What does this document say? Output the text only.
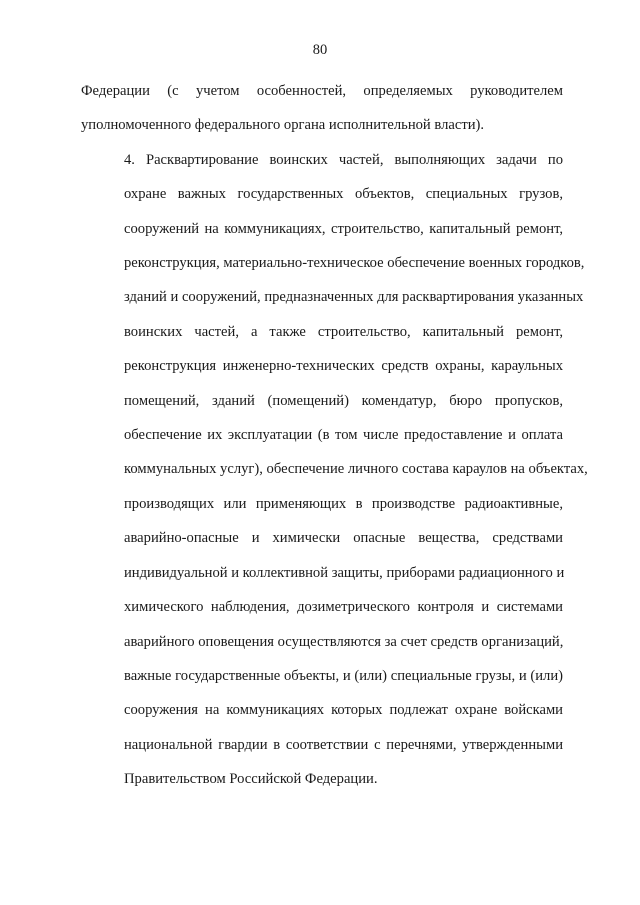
80

Федерации (с учетом особенностей, определяемых руководителем
уполномоченного федерального органа исполнительной власти).

4. Расквартирование воинских частей, выполняющих задачи по
охране важных государственных объектов, специальных грузов,
сооружений на коммуникациях, строительство, капитальный ремонт,
реконструкция, материально-техническое обеспечение военных городков,
зданий и сооружений, предназначенных для расквартирования указанных
воинских частей, а также строительство, капитальный ремонт,
реконструкция инженерно-технических средств охраны, караульных
помещений, зданий (помещений) комендатур, бюро пропусков,
обеспечение их эксплуатации (в том числе предоставление и оплата
коммунальных услуг), обеспечение личного состава караулов на объектах,
производящих или применяющих в производстве радиоактивные,
аварийно-опасные и химически опасные вещества, средствами
индивидуальной и коллективной защиты, приборами радиационного и
химического наблюдения, дозиметрического контроля и системами
аварийного оповещения осуществляются за счет средств организаций,
важные государственные объекты, и (или) специальные грузы, и (или)
сооружения на коммуникациях которых подлежат охране войсками
национальной гвардии в соответствии с перечнями, утвержденными
Правительством Российской Федерации.
